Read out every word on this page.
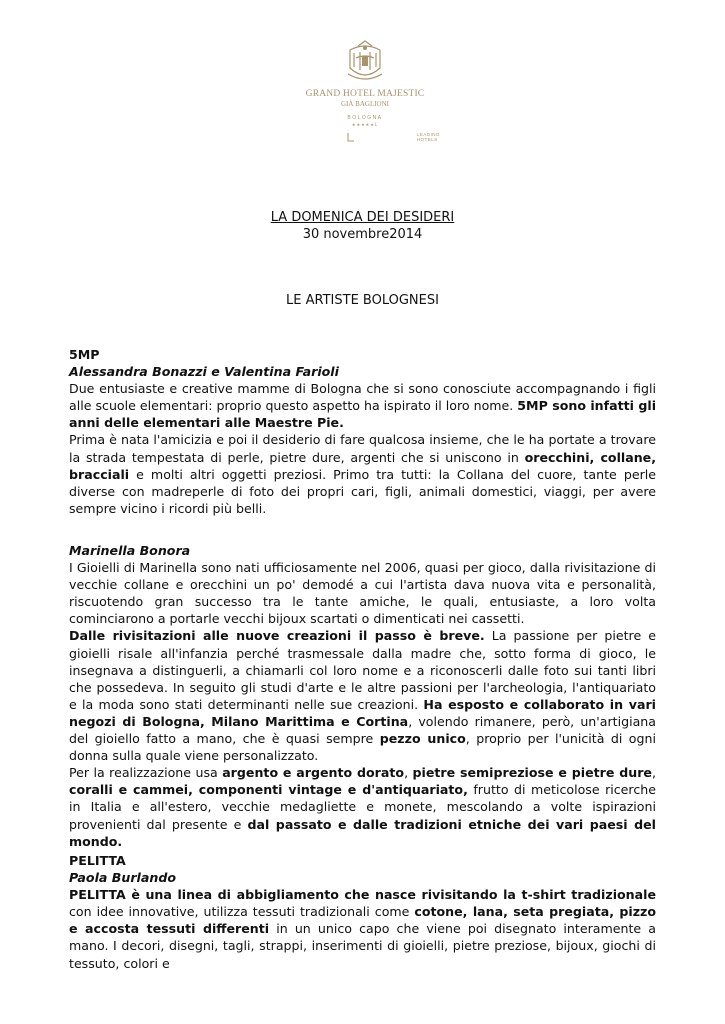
GRAND HOTEL MAJESTIC
GIÀ BAGLIONI
BOLOGNA
★★★★★L
LEADING
HOTELS
LA DOMENICA DEI DESIDERI
30 novembre2014
LE ARTISTE BOLOGNESI

5MP

Alessandra Bonazzi e Valentina Farioli

Due entusiaste e creative mamme di Bologna che si sono conosciute accompagnando i figli alle scuole elementari: proprio questo aspetto ha ispirato il loro nome. 5MP sono infatti gli anni delle elementari alle Maestre Pie.

Prima è nata l'amicizia e poi il desiderio di fare qualcosa insieme, che le ha portate a trovare la strada tempestata di perle, pietre dure, argenti che si uniscono in orecchini, collane, bracciali e molti altri oggetti preziosi. Primo tra tutti: la Collana del cuore, tante perle diverse con madreperle di foto dei propri cari, figli, animali domestici, viaggi, per avere sempre vicino i ricordi più belli.

Marinella Bonora

I Gioielli di Marinella sono nati ufficiosamente nel 2006, quasi per gioco, dalla rivisitazione di vecchie collane e orecchini un po' demodé a cui l'artista dava nuova vita e personalità, riscuotendo gran successo tra le tante amiche, le quali, entusiaste, a loro volta cominciarono a portarle vecchi bijoux scartati o dimenticati nei cassetti.

Dalle rivisitazioni alle nuove creazioni il passo è breve. La passione per pietre e gioielli risale all'infanzia perché trasmessale dalla madre che, sotto forma di gioco, le insegnava a distinguerli, a chiamarli col loro nome e a riconoscerli dalle foto sui tanti libri che possedeva. In seguito gli studi d'arte e le altre passioni per l'archeologia, l'antiquariato e la moda sono stati determinanti nelle sue creazioni. Ha esposto e collaborato in vari negozi di Bologna, Milano Marittima e Cortina, volendo rimanere, però, un'artigiana del gioiello fatto a mano, che è quasi sempre pezzo unico, proprio per l'unicità di ogni donna sulla quale viene personalizzato.

Per la realizzazione usa argento e argento dorato, pietre semipreziose e pietre dure, coralli e cammei, componenti vintage e d'antiquariato, frutto di meticolose ricerche in Italia e all'estero, vecchie medagliette e monete, mescolando a volte ispirazioni provenienti dal presente e dal passato e dalle tradizioni etniche dei vari paesi del mondo.

PELITTA

Paola Burlando

PELITTA è una linea di abbigliamento che nasce rivisitando la t-shirt tradizionale con idee innovative, utilizza tessuti tradizionali come cotone, lana, seta pregiata, pizzo e accosta tessuti differenti in un unico capo che viene poi disegnato interamente a mano. I decori, disegni, tagli, strappi, inserimenti di gioielli, pietre preziose, bijoux, giochi di tessuto, colori e
